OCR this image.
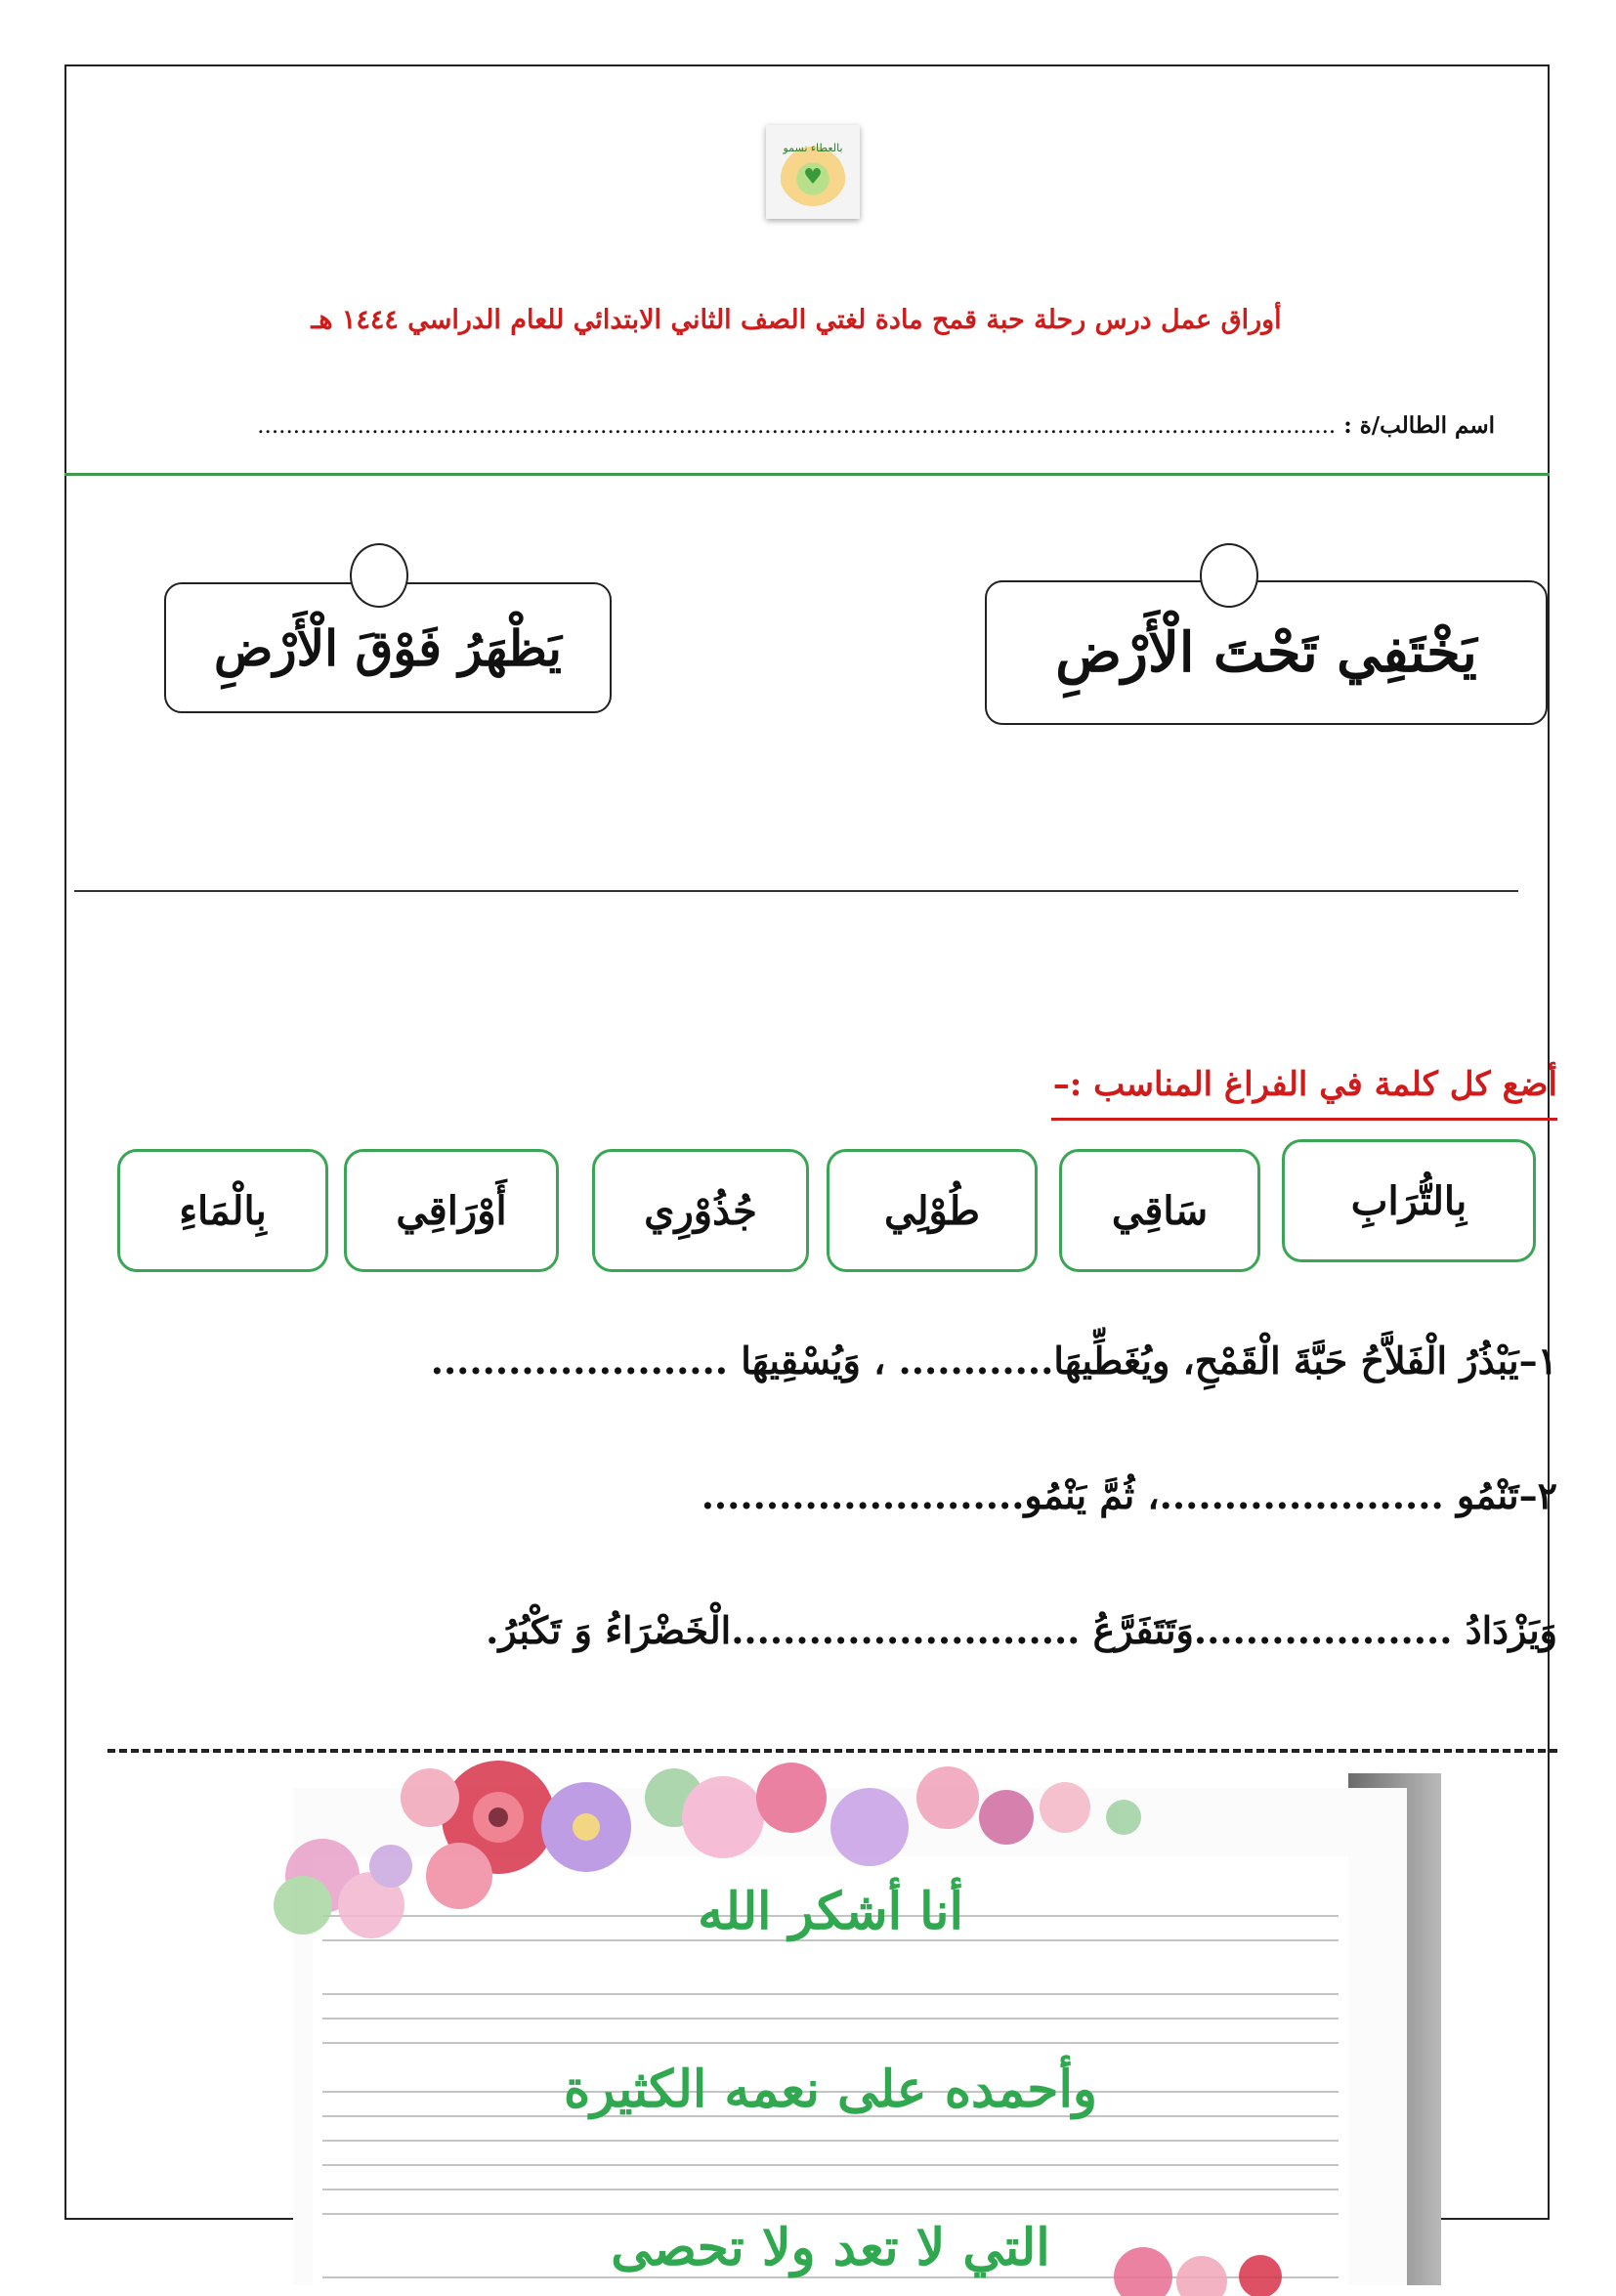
بالعطاء نسمو
♥
أوراق عمل درس رحلة حبة قمح مادة لغتي الصف الثاني الابتدائي للعام الدراسي ١٤٤٤ هـ
اسم الطالب/ة : .......................................................................................................................................................
يَخْتَفِي تَحْتَ الْأَرْضِ
يَظْهَرُ فَوْقَ الْأَرْضِ
أضع كل كلمة في الفراغ المناسب :–
بِالتُّرَابِ
سَاقِي
طُوْلِي
جُذُوْرِي
أَوْرَاقِي
بِالْمَاءِ
١–يَبْذُرُ الْفَلاَّحُ حَبَّةَ الْقَمْحِ، ويُغَطِّيهَا............ ، وَيُسْقِيهَا .......................
٢–تَنْمُو ......................، ثُمَّ يَنْمُو.........................
وَيَزْدَادُ ....................وَتَتَفَرَّعُ ...........................الْخَضْرَاءُ وَ تَكْبُرُ.
أنا أشكر الله
وأحمده على نعمه الكثيرة
التي لا تعد ولا تحصى
